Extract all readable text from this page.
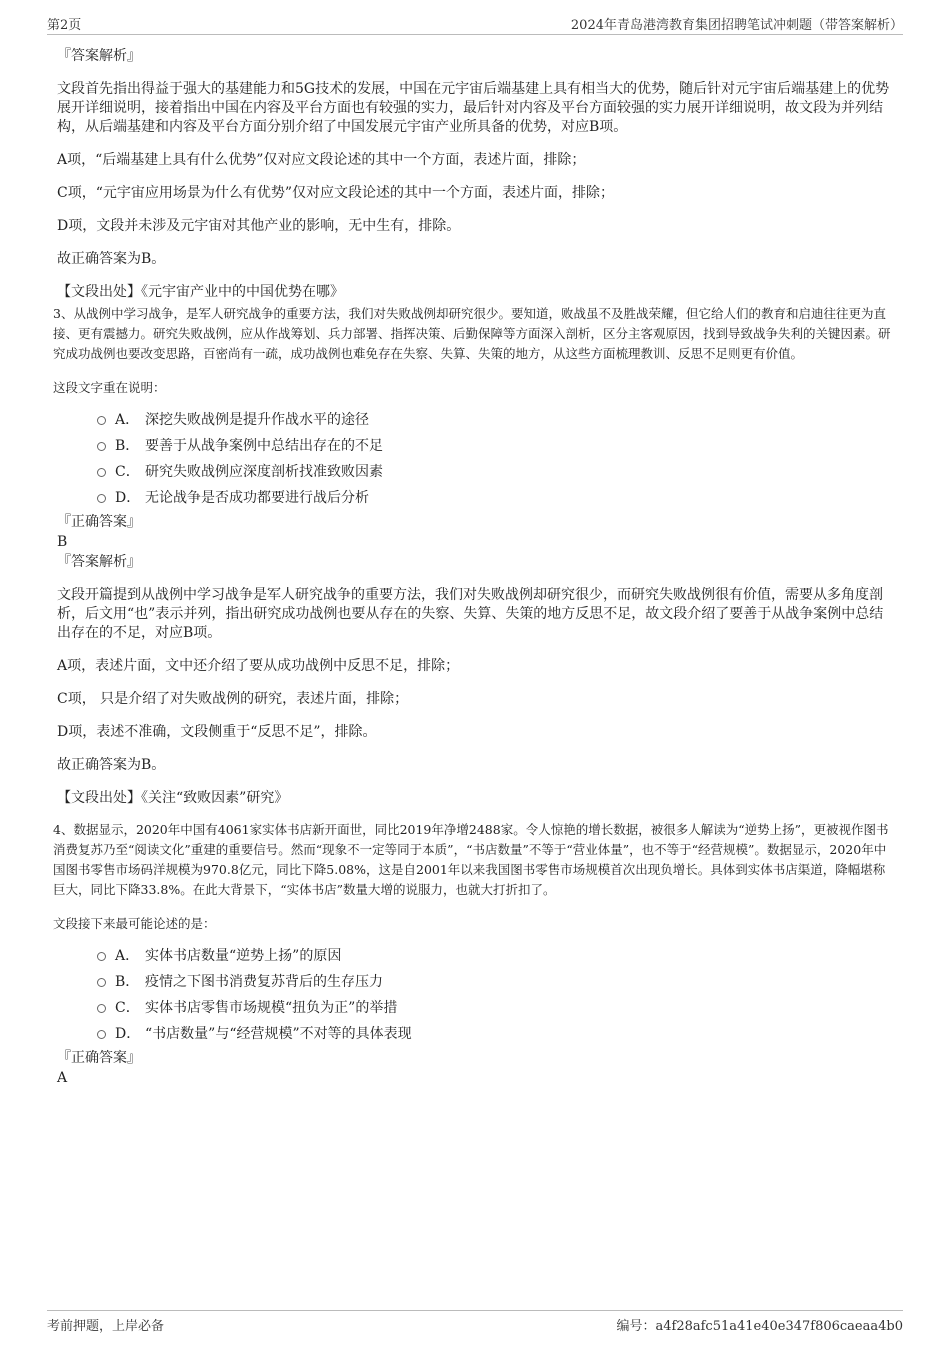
第2页	2024年青岛港湾教育集团招聘笔试冲刺题（带答案解析）

『答案解析』

文段首先指出得益于强大的基建能力和5G技术的发展，中国在元宇宙后端基建上具有相当大的优势，随后针对元宇宙后端基建上的优势展开详细说明，接着指出中国在内容及平台方面也有较强的实力，最后针对内容及平台方面较强的实力展开详细说明，故文段为并列结构，从后端基建和内容及平台方面分别介绍了中国发展元宇宙产业所具备的优势，对应B项。

A项，“后端基建上具有什么优势”仅对应文段论述的其中一个方面，表述片面，排除；

C项，“元宇宙应用场景为什么有优势”仅对应文段论述的其中一个方面，表述片面，排除；

D项，文段并未涉及元宇宙对其他产业的影响，无中生有，排除。

故正确答案为B。

【文段出处】《元宇宙产业中的中国优势在哪》

3、从战例中学习战争，是军人研究战争的重要方法，我们对失败战例却研究很少。要知道，败战虽不及胜战荣耀，但它给人们的教育和启迪往往更为直接、更有震撼力。研究失败战例，应从作战筹划、兵力部署、指挥决策、后勤保障等方面深入剖析，区分主客观原因，找到导致战争失利的关键因素。研究成功战例也要改变思路，百密尚有一疏，成功战例也难免存在失察、失算、失策的地方，从这些方面梳理教训、反思不足则更有价值。

这段文字重在说明：

A． 深挖失败战例是提升作战水平的途径
B． 要善于从战争案例中总结出存在的不足
C． 研究失败战例应深度剖析找准致败因素
D． 无论战争是否成功都要进行战后分析

『正确答案』

B

『答案解析』

文段开篇提到从战例中学习战争是军人研究战争的重要方法，我们对失败战例却研究很少，而研究失败战例很有价值，需要从多角度剖析，后文用“也”表示并列，指出研究成功战例也要从存在的失察、失算、失策的地方反思不足，故文段介绍了要善于从战争案例中总结出存在的不足，对应B项。

A项，表述片面，文中还介绍了要从成功战例中反思不足，排除；

C项， 只是介绍了对失败战例的研究，表述片面，排除；

D项，表述不准确，文段侧重于“反思不足”，排除。

故正确答案为B。

【文段出处】《关注“致败因素”研究》

4、数据显示，2020年中国有4061家实体书店新开面世，同比2019年净增2488家。令人惊艳的增长数据，被很多人解读为“逆势上扬”，更被视作图书消费复苏乃至“阅读文化”重建的重要信号。然而“现象不一定等同于本质”，“书店数量”不等于“营业体量”，也不等于“经营规模”。数据显示，2020年中国图书零售市场码洋规模为970.8亿元，同比下降5.08%，这是自2001年以来我国图书零售市场规模首次出现负增长。具体到实体书店渠道，降幅堪称巨大，同比下降33.8%。在此大背景下，“实体书店”数量大增的说服力，也就大打折扣了。

文段接下来最可能论述的是：

A． 实体书店数量“逆势上扬”的原因
B． 疫情之下图书消费复苏背后的生存压力
C． 实体书店零售市场规模“扭负为正”的举措
D． “书店数量”与“经营规模”不对等的具体表现

『正确答案』

A

考前押题，上岸必备	编号：a4f28afc51a41e40e347f806caeaa4b0
